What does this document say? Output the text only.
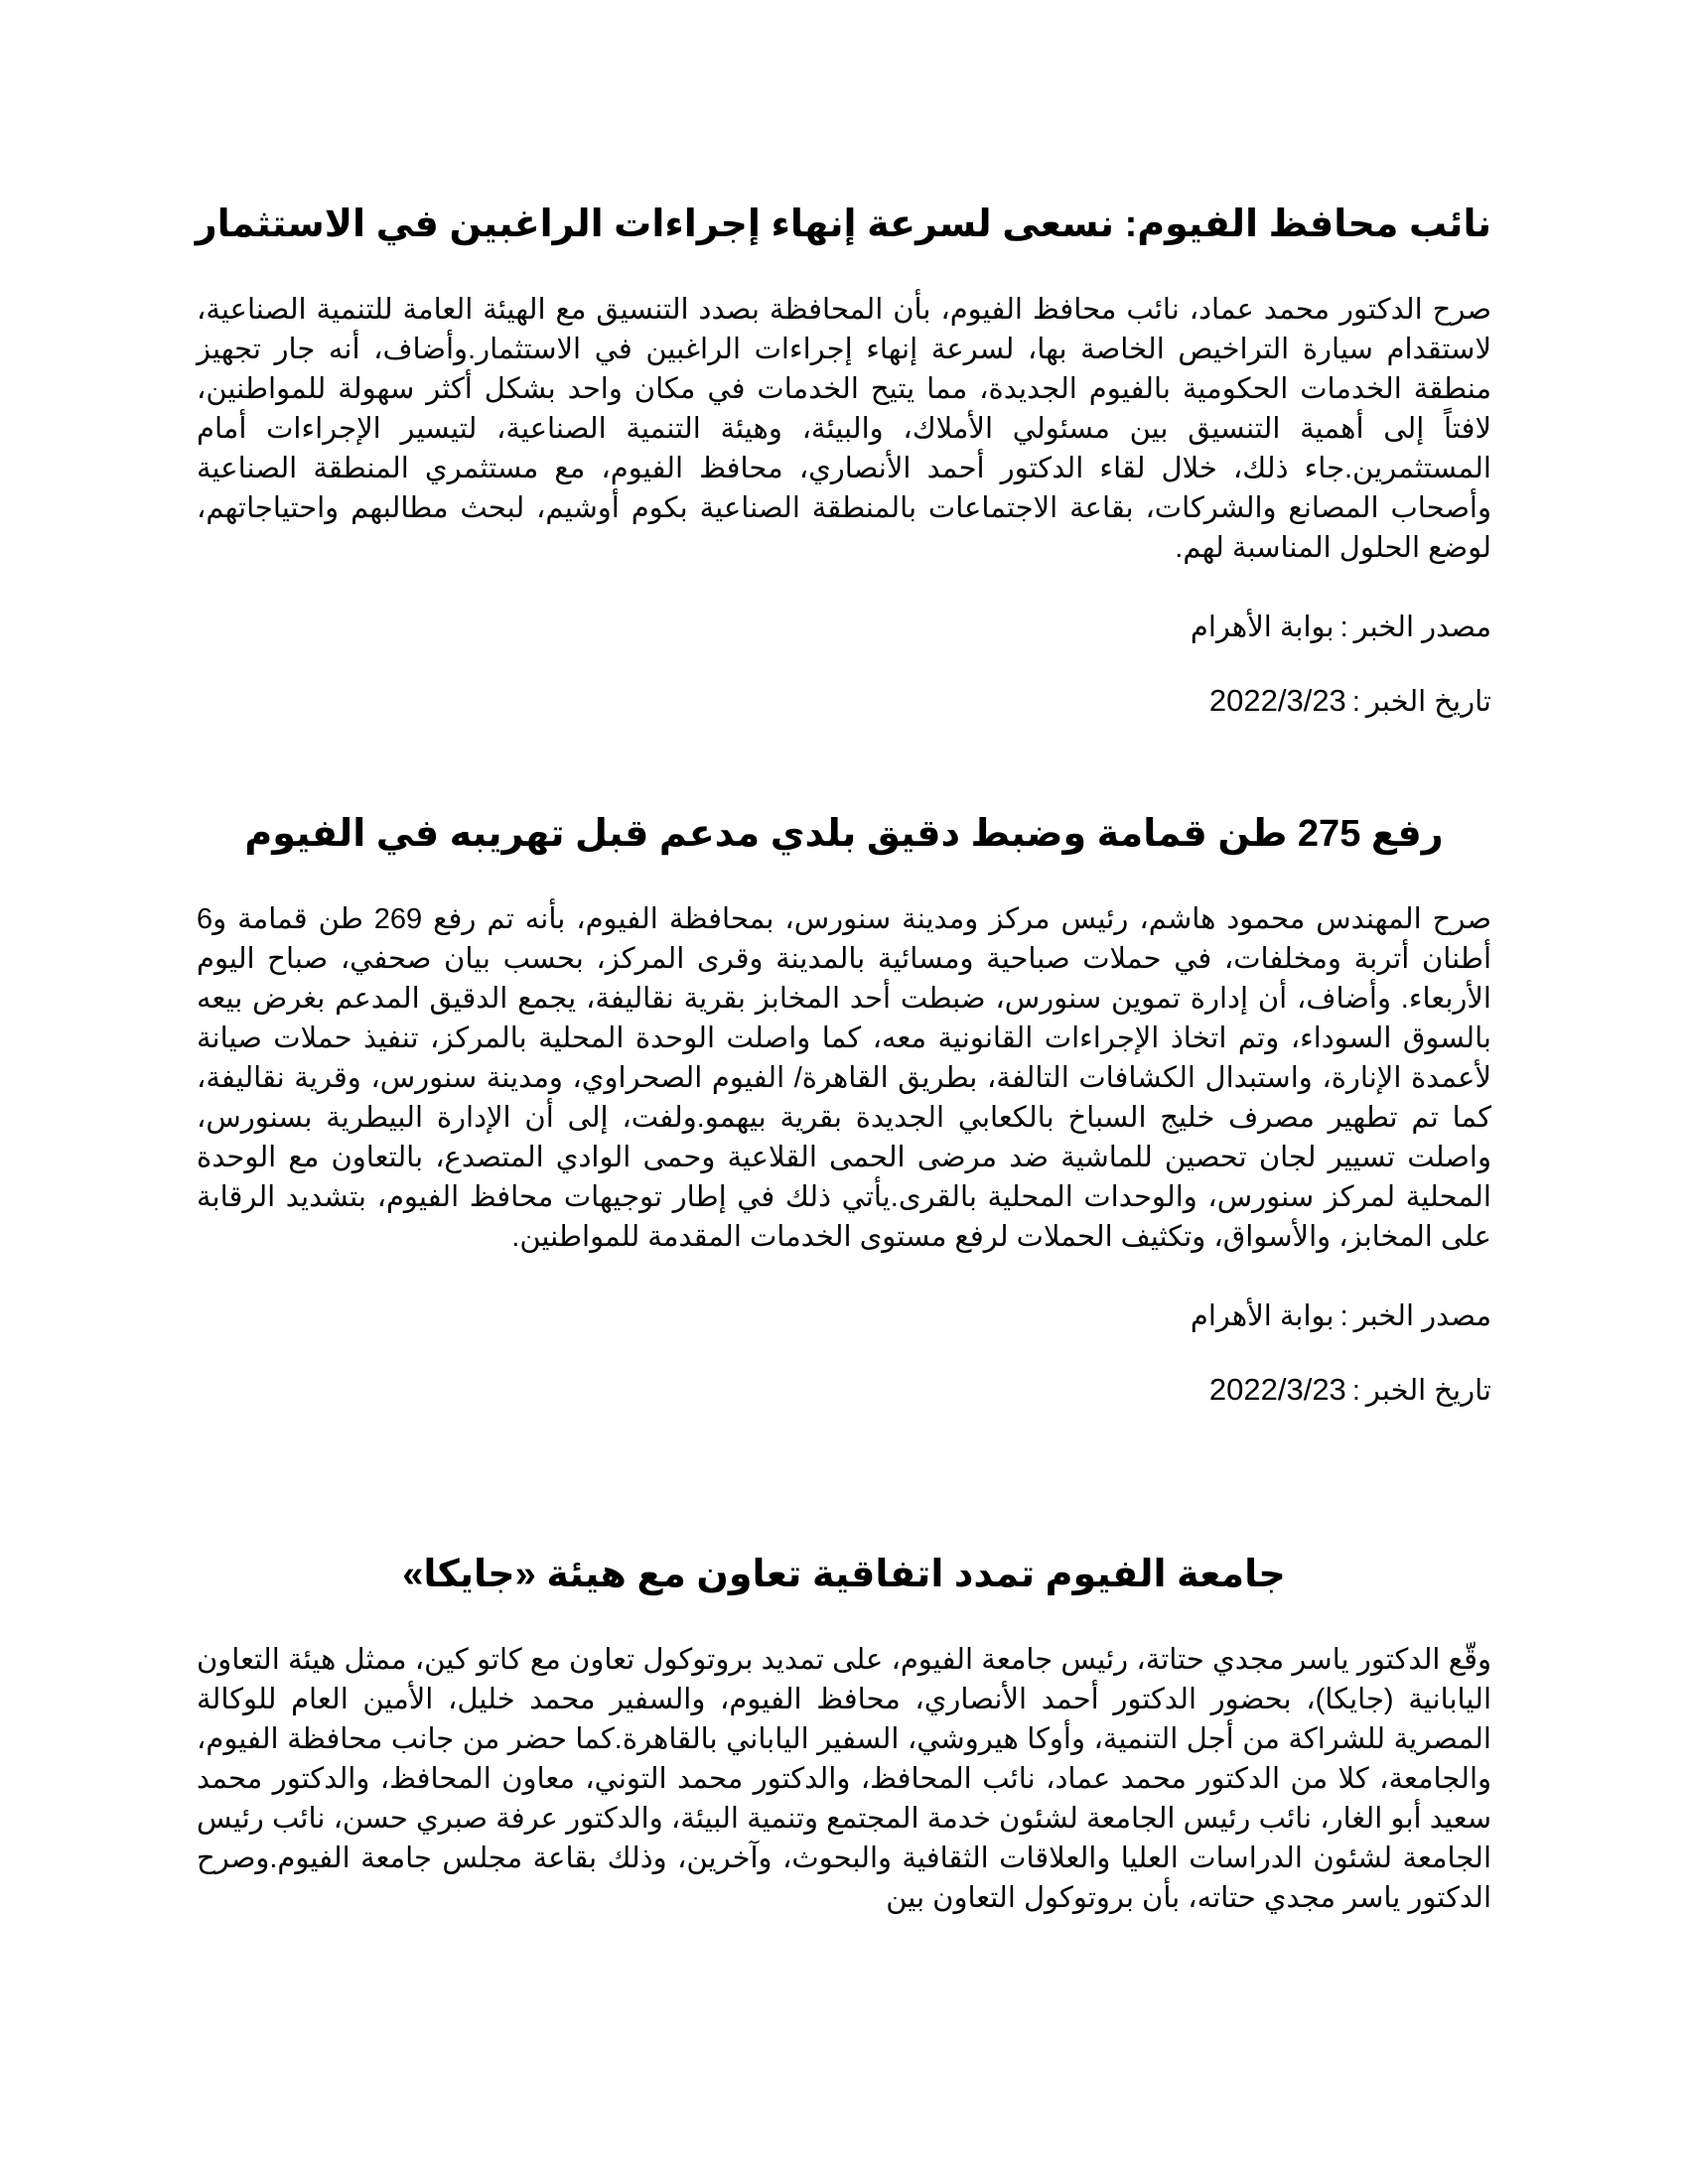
نائب محافظ الفيوم: نسعى لسرعة إنهاء إجراءات الراغبين في الاستثمار

صرح الدكتور محمد عماد، نائب محافظ الفيوم، بأن المحافظة بصدد التنسيق مع الهيئة العامة للتنمية الصناعية، لاستقدام سيارة التراخيص الخاصة بها، لسرعة إنهاء إجراءات الراغبين في الاستثمار.وأضاف، أنه جار تجهيز منطقة الخدمات الحكومية بالفيوم الجديدة، مما يتيح الخدمات في مكان واحد بشكل أكثر سهولة للمواطنين، لافتاً إلى أهمية التنسيق بين مسئولي الأملاك، والبيئة، وهيئة التنمية الصناعية، لتيسير الإجراءات أمام المستثمرين.جاء ذلك، خلال لقاء الدكتور أحمد الأنصاري، محافظ الفيوم، مع مستثمري المنطقة الصناعية وأصحاب المصانع والشركات، بقاعة الاجتماعات بالمنطقة الصناعية بكوم أوشيم، لبحث مطالبهم واحتياجاتهم، لوضع الحلول المناسبة لهم.

مصدر الخبر:بوابة الأهرام

تاريخ الخبر:2022/3/23

رفع 275 طن قمامة وضبط دقيق بلدي مدعم قبل تهريبه في الفيوم

صرح المهندس محمود هاشم، رئيس مركز ومدينة سنورس، بمحافظة الفيوم، بأنه تم رفع 269 طن قمامة و6 أطنان أتربة ومخلفات، في حملات صباحية ومسائية بالمدينة وقرى المركز، بحسب بيان صحفي، صباح اليوم الأربعاء. وأضاف، أن إدارة تموين سنورس، ضبطت أحد المخابز بقرية نقاليفة، يجمع الدقيق المدعم بغرض بيعه بالسوق السوداء، وتم اتخاذ الإجراءات القانونية معه، كما واصلت الوحدة المحلية بالمركز، تنفيذ حملات صيانة لأعمدة الإنارة، واستبدال الكشافات التالفة، بطريق القاهرة/ الفيوم الصحراوي، ومدينة سنورس، وقرية نقاليفة، كما تم تطهير مصرف خليج السباخ بالكعابي الجديدة بقرية بيهمو.ولفت، إلى أن الإدارة البيطرية بسنورس، واصلت تسيير لجان تحصين للماشية ضد مرضى الحمى القلاعية وحمى الوادي المتصدع، بالتعاون مع الوحدة المحلية لمركز سنورس، والوحدات المحلية بالقرى.يأتي ذلك في إطار توجيهات محافظ الفيوم، بتشديد الرقابة على المخابز، والأسواق، وتكثيف الحملات لرفع مستوى الخدمات المقدمة للمواطنين.

مصدر الخبر:بوابة الأهرام

تاريخ الخبر:2022/3/23

جامعة الفيوم تمدد اتفاقية تعاون مع هيئة «جايكا»

وقّع الدكتور ياسر مجدي حتاتة، رئيس جامعة الفيوم، على تمديد بروتوكول تعاون مع كاتو كين، ممثل هيئة التعاون اليابانية (جايكا)، بحضور الدكتور أحمد الأنصاري، محافظ الفيوم، والسفير محمد خليل، الأمين العام للوكالة المصرية للشراكة من أجل التنمية، وأوكا هيروشي، السفير الياباني بالقاهرة.كما حضر من جانب محافظة الفيوم، والجامعة، كلا من الدكتور محمد عماد، نائب المحافظ، والدكتور محمد التوني، معاون المحافظ، والدكتور محمد سعيد أبو الغار، نائب رئيس الجامعة لشئون خدمة المجتمع وتنمية البيئة، والدكتور عرفة صبري حسن، نائب رئيس الجامعة لشئون الدراسات العليا والعلاقات الثقافية والبحوث، وآخرين، وذلك بقاعة مجلس جامعة الفيوم.وصرح الدكتور ياسر مجدي حتاته، بأن بروتوكول التعاون بين
